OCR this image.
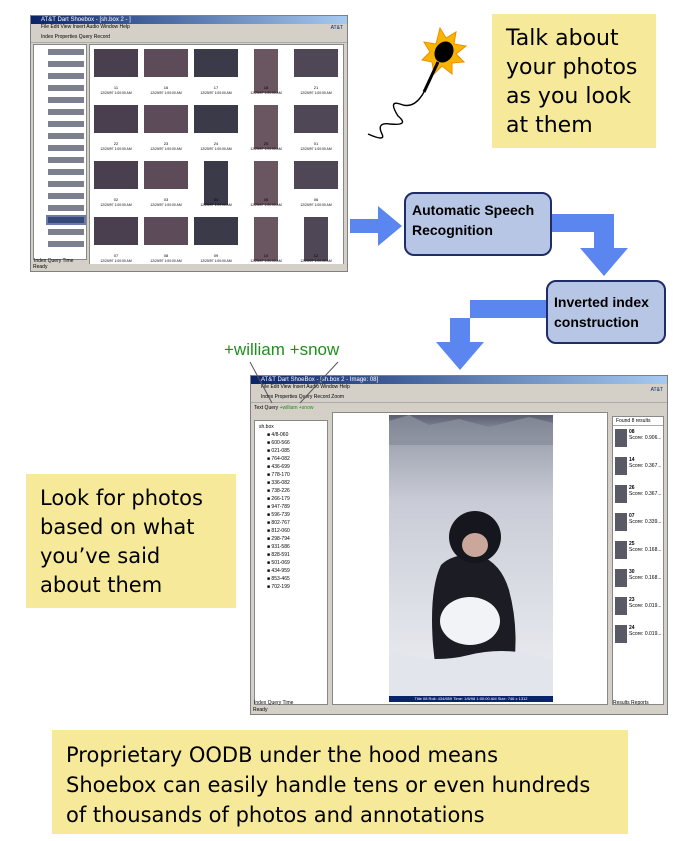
Talk about
your photos
as you look
at them
Look for photos
based on what
you’ve said
about them
Proprietary OODB under the hood means
Shoebox can easily handle tens or even hundreds
of thousands of photos and annotations
Automatic Speech
Recognition
Inverted index
construction
AT&T Dart Shoebox - [sh.box 2 - ]
File Edit View Insert Audio Window Help
Index Properties Query Record
AT&T
11
12/25/97 1:00:00 AM
16
12/25/97 1:00:00 AM
17
12/25/97 1:00:00 AM
18
12/25/97 1:00:00 AM
21
12/25/97 1:00:00 AM
22
12/25/97 1:00:00 AM
23
12/25/97 1:00:00 AM
24
12/25/97 1:00:00 AM
25
12/25/97 1:00:00 AM
01
12/25/97 1:00:00 AM
02
12/25/97 1:00:00 AM
03
12/25/97 1:00:00 AM
04
12/25/97 1:00:00 AM
05
12/25/97 1:00:00 AM
06
12/25/97 1:00:00 AM
07
12/25/97 1:00:00 AM
08
12/25/97 1:00:00 AM
09
12/25/97 1:00:00 AM
10
12/25/97 1:00:00 AM
12
12/25/97 1:00:00 AM
Index Query Time
Ready
AT&T Dart ShoeBox - [sh.box 2 - Image: 08]
File Edit View Insert Audio Window Help
Index Properties Query Record Zoom
AT&T
Text Query +william +snow
sh.box
■ 4/8-060
■ 600-566
■ 021-085
■ 764-082
■ 436-699
■ 778-170
■ 336-082
■ 738-226
■ 266-179
■ 947-789
■ 596-739
■ 802-767
■ 812-060
■ 298-794
■ 931-586
■ 828-591
■ 501-069
■ 434-959
■ 853-465
■ 702-199
Title 08 Roll: 434/659 Time: 1/6/98 1:00:00 AM Size: 746 x 1312
Found 8 results
08
Score: 0.906...
14
Score: 0.367...
26
Score: 0.367...
07
Score: 0.339...
25
Score: 0.168...
30
Score: 0.168...
23
Score: 0.019...
24
Score: 0.019...
Index Query Time	Results Reports
Ready
+william +snow
